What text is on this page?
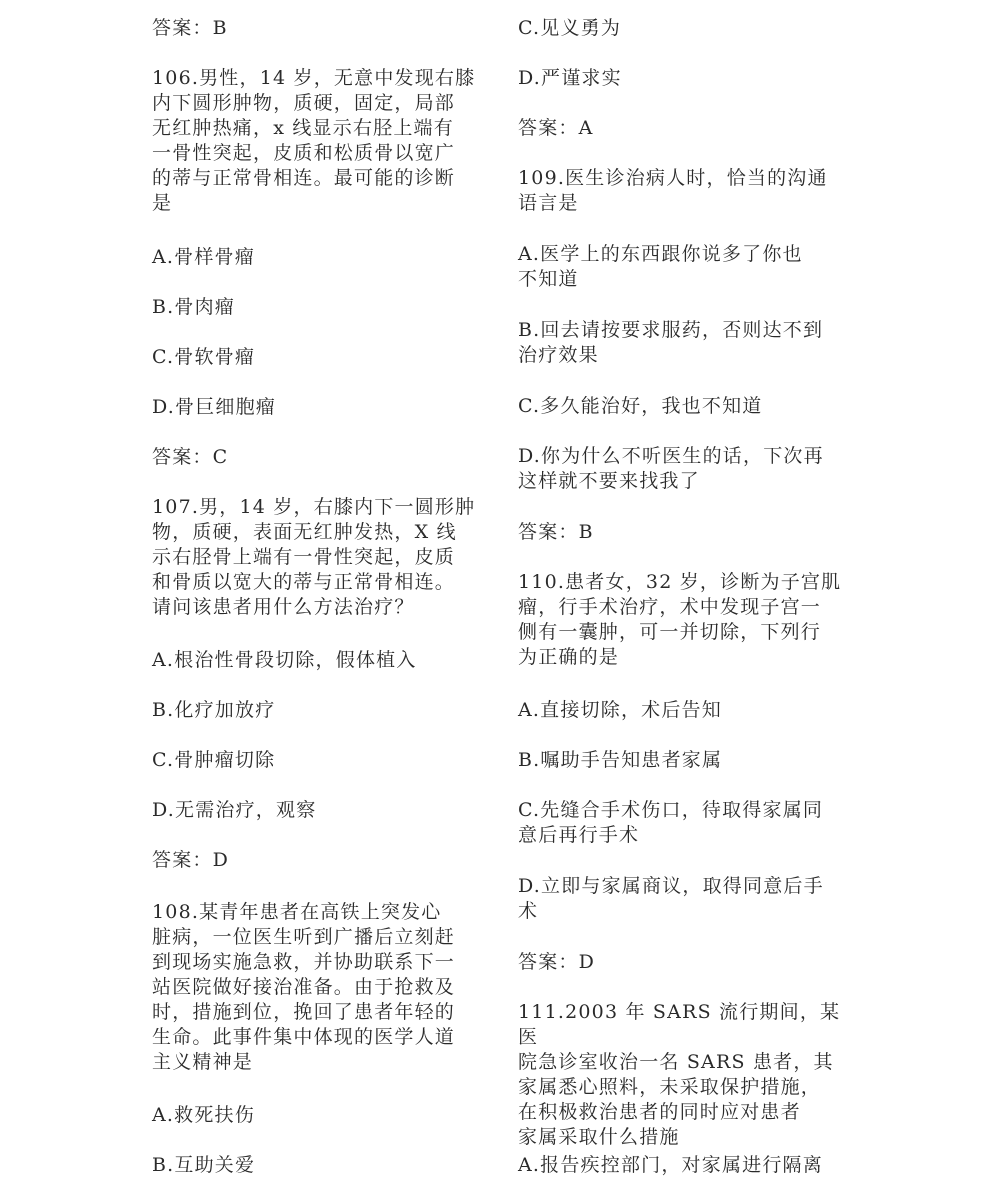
答案：B

106.男性，14 岁，无意中发现右膝
内下圆形肿物，质硬，固定，局部
无红肿热痛，x 线显示右胫上端有
一骨性突起，皮质和松质骨以宽广
的蒂与正常骨相连。最可能的诊断
是

A.骨样骨瘤

B.骨肉瘤

C.骨软骨瘤

D.骨巨细胞瘤

答案：C

107.男，14 岁，右膝内下一圆形肿
物，质硬，表面无红肿发热，X 线
示右胫骨上端有一骨性突起，皮质
和骨质以宽大的蒂与正常骨相连。
请问该患者用什么方法治疗？

A.根治性骨段切除，假体植入

B.化疗加放疗

C.骨肿瘤切除

D.无需治疗，观察

答案：D

108.某青年患者在高铁上突发心
脏病，一位医生听到广播后立刻赶
到现场实施急救，并协助联系下一
站医院做好接治准备。由于抢救及
时，措施到位，挽回了患者年轻的
生命。此事件集中体现的医学人道
主义精神是

A.救死扶伤

B.互助关爱

C.见义勇为

D.严谨求实

答案：A

109.医生诊治病人时，恰当的沟通
语言是

A.医学上的东西跟你说多了你也
不知道

B.回去请按要求服药，否则达不到
治疗效果

C.多久能治好，我也不知道

D.你为什么不听医生的话，下次再
这样就不要来找我了

答案：B

110.患者女，32 岁，诊断为子宫肌
瘤，行手术治疗，术中发现子宫一
侧有一囊肿，可一并切除，下列行
为正确的是

A.直接切除，术后告知

B.嘱助手告知患者家属

C.先缝合手术伤口，待取得家属同
意后再行手术

D.立即与家属商议，取得同意后手
术

答案：D

111.2003 年 SARS 流行期间，某医
院急诊室收治一名 SARS 患者，其
家属悉心照料，未采取保护措施，
在积极救治患者的同时应对患者
家属采取什么措施

A.报告疾控部门，对家属进行隔离
